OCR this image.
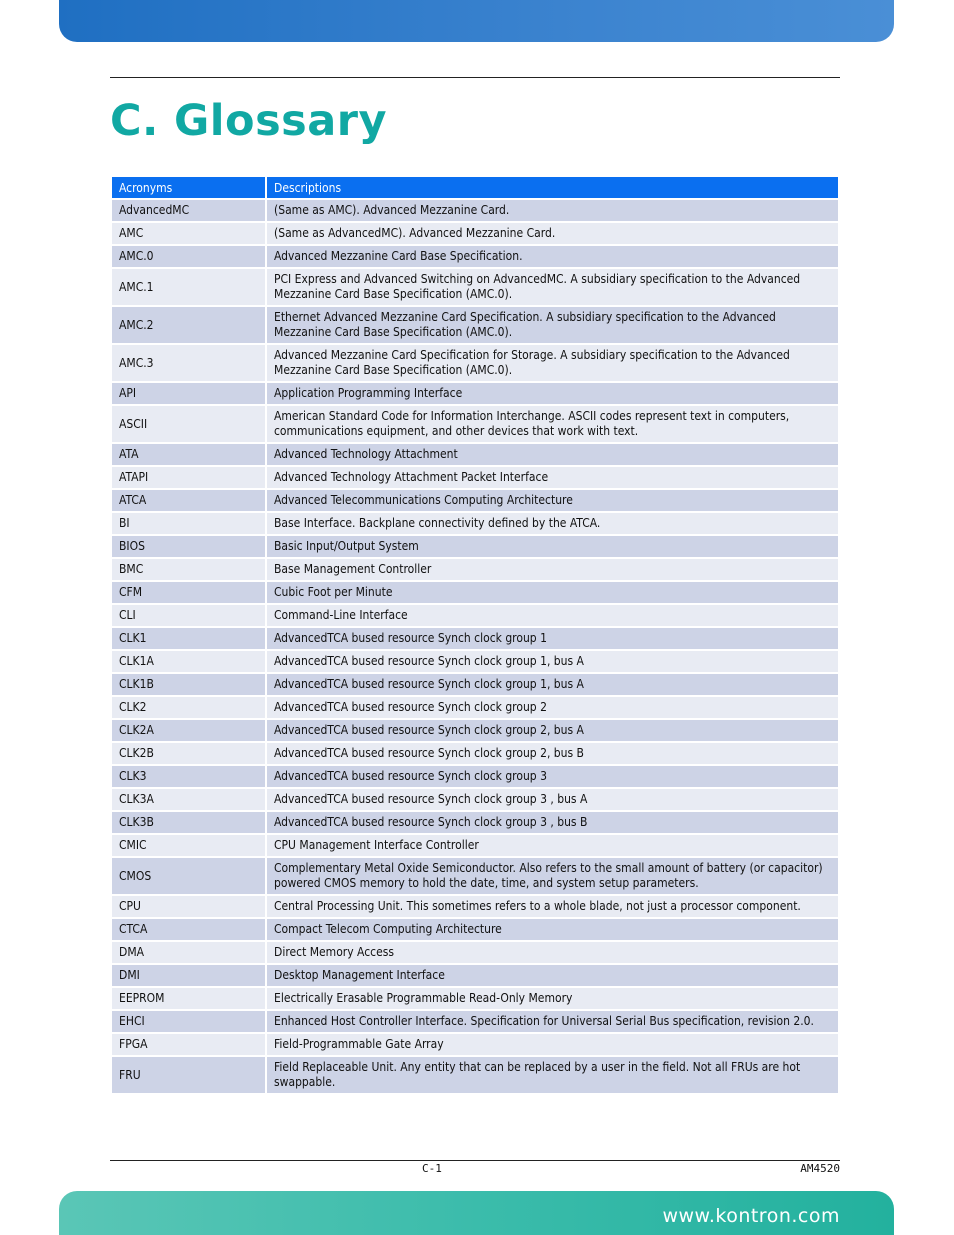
C. Glossary
Acronyms	Descriptions
AdvancedMC	(Same as AMC). Advanced Mezzanine Card.
AMC	(Same as AdvancedMC). Advanced Mezzanine Card.
AMC.0	Advanced Mezzanine Card Base Specification.
AMC.1	PCI Express and Advanced Switching on AdvancedMC. A subsidiary specification to the Advanced Mezzanine Card Base Specification (AMC.0).
AMC.2	Ethernet Advanced Mezzanine Card Specification. A subsidiary specification to the Advanced Mezzanine Card Base Specification (AMC.0).
AMC.3	Advanced Mezzanine Card Specification for Storage. A subsidiary specification to the Advanced Mezzanine Card Base Specification (AMC.0).
API	Application Programming Interface
ASCII	American Standard Code for Information Interchange. ASCII codes represent text in computers, communications equipment, and other devices that work with text.
ATA	Advanced Technology Attachment
ATAPI	Advanced Technology Attachment Packet Interface
ATCA	Advanced Telecommunications Computing Architecture
BI	Base Interface. Backplane connectivity defined by the ATCA.
BIOS	Basic Input/Output System
BMC	Base Management Controller
CFM	Cubic Foot per Minute
CLI	Command-Line Interface
CLK1	AdvancedTCA bused resource Synch clock group 1
CLK1A	AdvancedTCA bused resource Synch clock group 1, bus A
CLK1B	AdvancedTCA bused resource Synch clock group 1, bus A
CLK2	AdvancedTCA bused resource Synch clock group 2
CLK2A	AdvancedTCA bused resource Synch clock group 2, bus A
CLK2B	AdvancedTCA bused resource Synch clock group 2, bus B
CLK3	AdvancedTCA bused resource Synch clock group 3
CLK3A	AdvancedTCA bused resource Synch clock group 3 , bus A
CLK3B	AdvancedTCA bused resource Synch clock group 3 , bus B
CMIC	CPU Management Interface Controller
CMOS	Complementary Metal Oxide Semiconductor. Also refers to the small amount of battery (or capacitor) powered CMOS memory to hold the date, time, and system setup parameters.
CPU	Central Processing Unit. This sometimes refers to a whole blade, not just a processor component.
CTCA	Compact Telecom Computing Architecture
DMA	Direct Memory Access
DMI	Desktop Management Interface
EEPROM	Electrically Erasable Programmable Read-Only Memory
EHCI	Enhanced Host Controller Interface. Specification for Universal Serial Bus specification, revision 2.0.
FPGA	Field-Programmable Gate Array
FRU	Field Replaceable Unit. Any entity that can be replaced by a user in the field. Not all FRUs are hot swappable.
C-1	AM4520
www.kontron.com
